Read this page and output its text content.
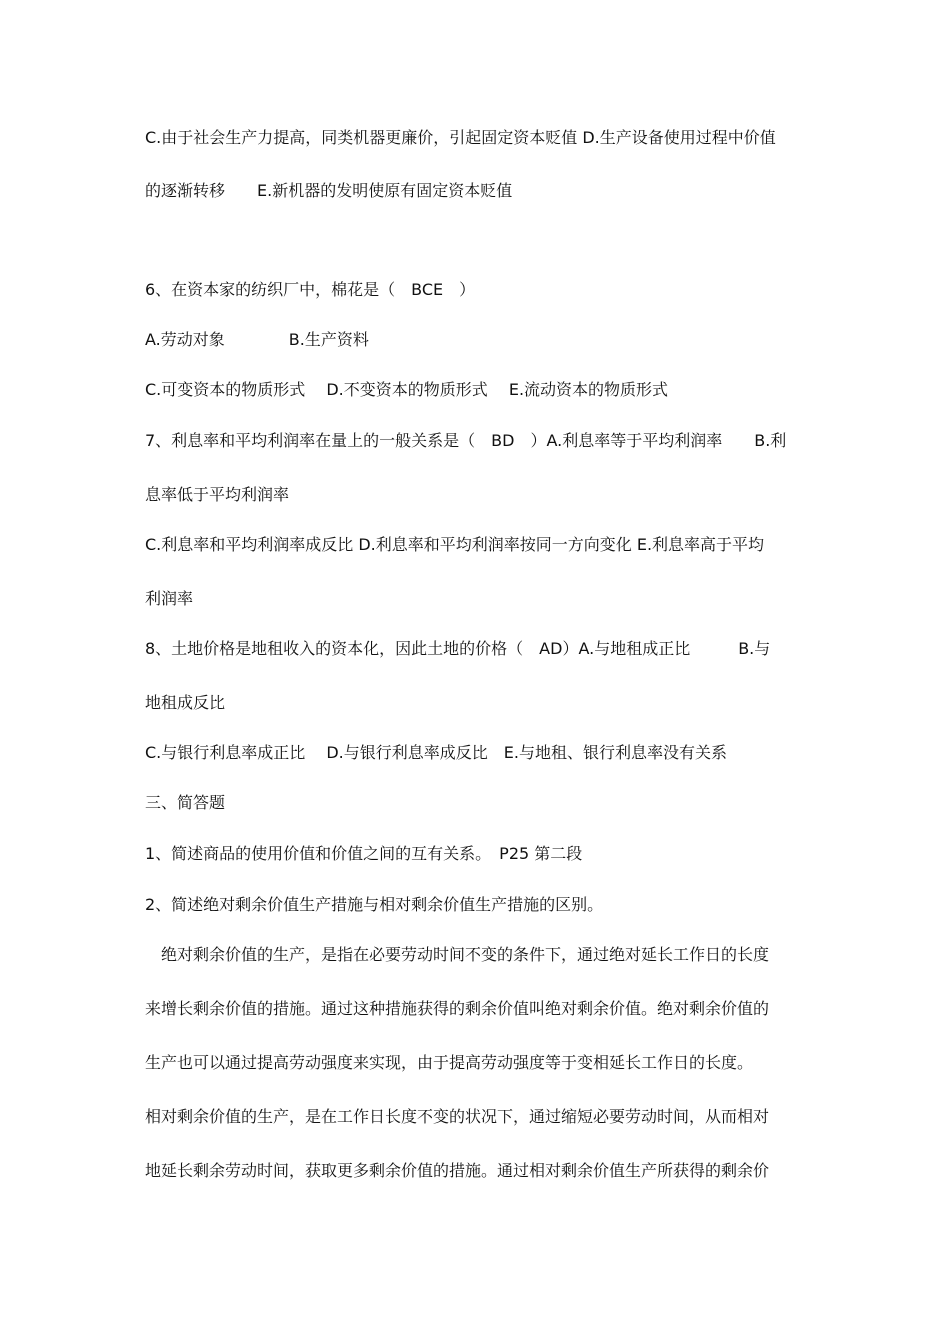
C.由于社会生产力提高，同类机器更廉价，引起固定资本贬值 D.生产设备使用过程中价值
的逐渐转移　　E.新机器的发明使原有固定资本贬值
6、在资本家的纺织厂中，棉花是（　BCE　）
A.劳动对象　　　　B.生产资料
C.可变资本的物质形式　 D.不变资本的物质形式　 E.流动资本的物质形式
7、利息率和平均利润率在量上的一般关系是（　BD　）A.利息率等于平均利润率　　B.利
息率低于平均利润率
C.利息率和平均利润率成反比 D.利息率和平均利润率按同一方向变化 E.利息率高于平均
利润率
8、土地价格是地租收入的资本化，因此土地的价格（　AD）A.与地租成正比　　　B.与
地租成反比
C.与银行利息率成正比　 D.与银行利息率成反比　E.与地租、银行利息率没有关系
三、简答题
1、简述商品的使用价值和价值之间的互有关系。　P25 第二段
2、简述绝对剩余价值生产措施与相对剩余价值生产措施的区别。
　绝对剩余价值的生产，是指在必要劳动时间不变的条件下，通过绝对延长工作日的长度
来增长剩余价值的措施。通过这种措施获得的剩余价值叫绝对剩余价值。绝对剩余价值的
生产也可以通过提高劳动强度来实现，由于提高劳动强度等于变相延长工作日的长度。
相对剩余价值的生产，是在工作日长度不变的状况下，通过缩短必要劳动时间，从而相对
地延长剩余劳动时间，获取更多剩余价值的措施。通过相对剩余价值生产所获得的剩余价
